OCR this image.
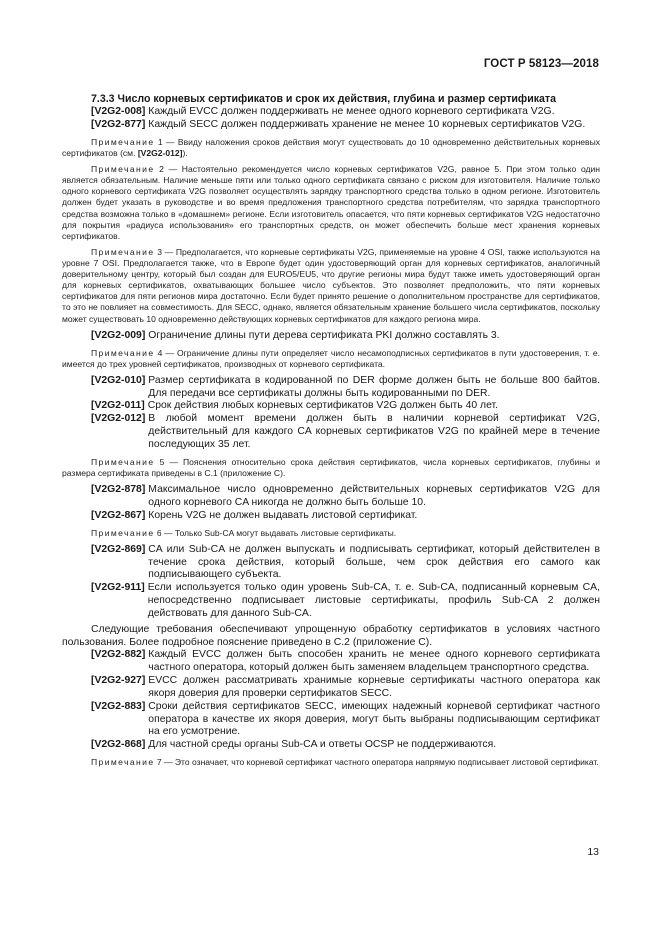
ГОСТ Р 58123—2018
7.3.3 Число корневых сертификатов и срок их действия, глубина и размер сертификата
[V2G2-008] Каждый EVCC должен поддерживать не менее одного корневого сертификата V2G.
[V2G2-877] Каждый SECC должен поддерживать хранение не менее 10 корневых сертификатов V2G.
Примечание 1 — Ввиду наложения сроков действия могут существовать до 10 одновременно действительных корневых сертификатов (см. [V2G2-012]).
Примечание 2 — Настоятельно рекомендуется число корневых сертификатов V2G, равное 5. При этом только один является обязательным. Наличие меньше пяти или только одного сертификата связано с риском для изготовителя. Наличие только одного корневого сертификата V2G позволяет осуществлять зарядку транспортного средства только в одном регионе. Изготовитель должен будет указать в руководстве и во время предложения транспортного средства потребителям, что зарядка транспортного средства возможна только в «домашнем» регионе. Если изготовитель опасается, что пяти корневых сертификатов V2G недостаточно для покрытия «радиуса использования» его транспортных средств, он может обеспечить больше мест хранения корневых сертификатов.
Примечание 3 — Предполагается, что корневые сертификаты V2G, применяемые на уровне 4 OSI, также используются на уровне 7 OSI. Предполагается также, что в Европе будет один удостоверяющий орган для корневых сертификатов, аналогичный доверительному центру, который был создан для EURO5/EU5, что другие регионы мира будут также иметь удостоверяющий орган для корневых сертификатов, охватывающих большее число субъектов. Это позволяет предположить, что пяти корневых сертификатов для пяти регионов мира достаточно. Если будет принято решение о дополнительном пространстве для сертификатов, то это не повлияет на совместимость. Для SECC, однако, является обязательным хранение большего числа сертификатов, поскольку может существовать 10 одновременно действующих корневых сертификатов для каждого региона мира.
[V2G2-009] Ограничение длины пути дерева сертификата PKI должно составлять 3.
Примечание 4 — Ограничение длины пути определяет число несамоподписных сертификатов в пути удостоверения, т. е. имеется до трех уровней сертификатов, производных от корневого сертификата.
[V2G2-010] Размер сертификата в кодированной по DER форме должен быть не больше 800 байтов. Для передачи все сертификаты должны быть кодированными по DER.
[V2G2-011] Срок действия любых корневых сертификатов V2G должен быть 40 лет.
[V2G2-012] В любой момент времени должен быть в наличии корневой сертификат V2G, действительный для каждого CA корневых сертификатов V2G по крайней мере в течение последующих 35 лет.
Примечание 5 — Пояснения относительно срока действия сертификатов, числа корневых сертификатов, глубины и размера сертификата приведены в С.1 (приложение С).
[V2G2-878] Максимальное число одновременно действительных корневых сертификатов V2G для одного корневого CA никогда не должно быть больше 10.
[V2G2-867] Корень V2G не должен выдавать листовой сертификат.
Примечание 6 — Только Sub-CA могут выдавать листовые сертификаты.
[V2G2-869] CA или Sub-CA не должен выпускать и подписывать сертификат, который действителен в течение срока действия, который больше, чем срок действия его самого как подписывающего субъекта.
[V2G2-911] Если используется только один уровень Sub-CA, т. е. Sub-CA, подписанный корневым CA, непосредственно подписывает листовые сертификаты, профиль Sub-CA 2 должен действовать для данного Sub-CA.
Следующие требования обеспечивают упрощенную обработку сертификатов в условиях частного пользования. Более подробное пояснение приведено в С.2 (приложение С).
[V2G2-882] Каждый EVCC должен быть способен хранить не менее одного корневого сертификата частного оператора, который должен быть заменяем владельцем транспортного средства.
[V2G2-927] EVCC должен рассматривать хранимые корневые сертификаты частного оператора как якоря доверия для проверки сертификатов SECC.
[V2G2-883] Сроки действия сертификатов SECC, имеющих надежный корневой сертификат частного оператора в качестве их якоря доверия, могут быть выбраны подписывающим сертификат на его усмотрение.
[V2G2-868] Для частной среды органы Sub-CA и ответы OCSP не поддерживаются.
Примечание 7 — Это означает, что корневой сертификат частного оператора напрямую подписывает листовой сертификат.
13
